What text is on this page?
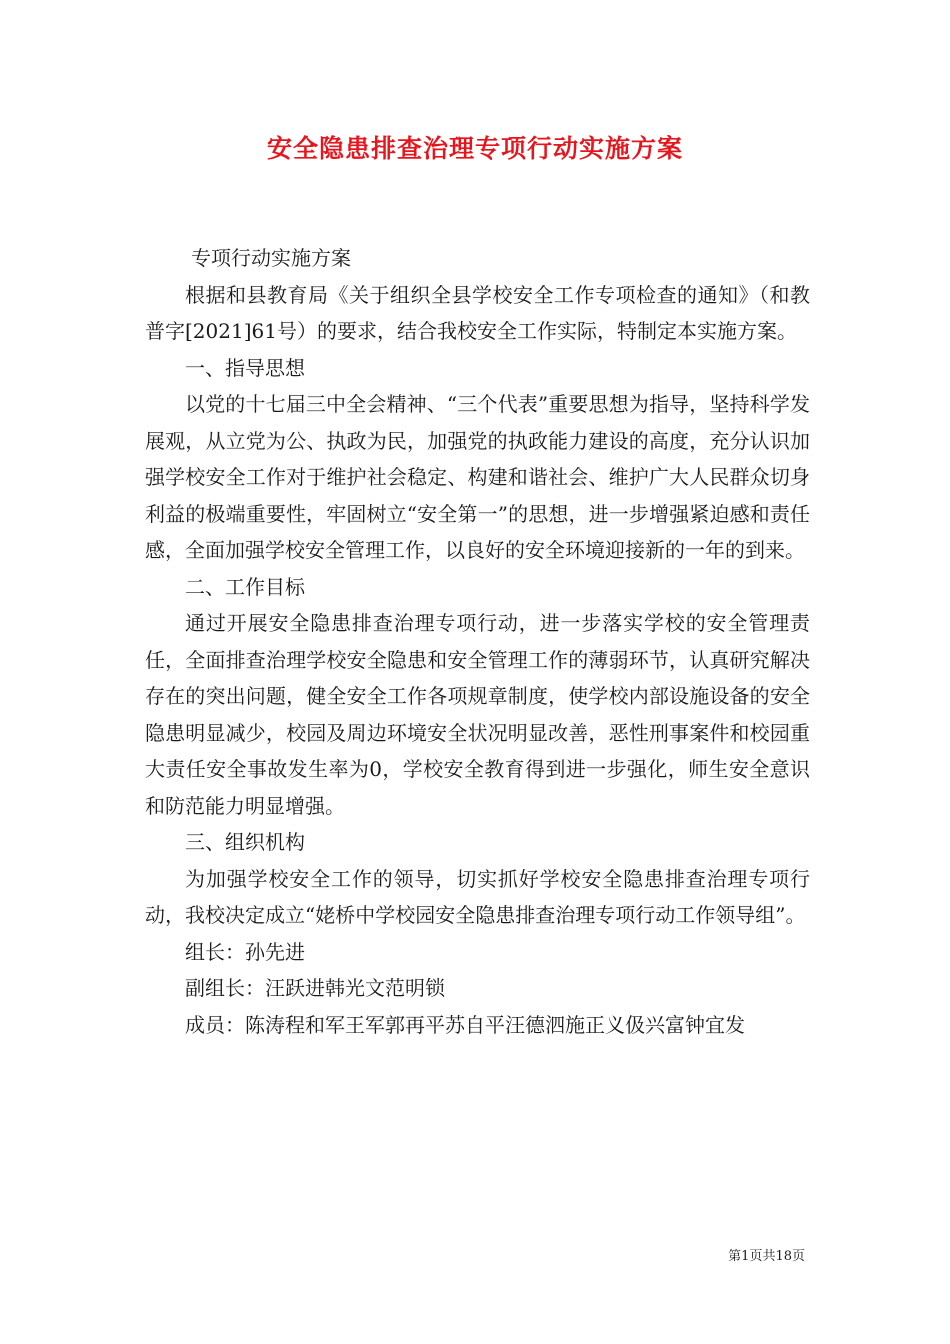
安全隐患排查治理专项行动实施方案

专项行动实施方案

根据和县教育局《关于组织全县学校安全工作专项检查的通知》（和教普字[2021]61号）的要求，结合我校安全工作实际，特制定本实施方案。

一、指导思想

以党的十七届三中全会精神、“三个代表”重要思想为指导，坚持科学发展观，从立党为公、执政为民，加强党的执政能力建设的高度，充分认识加强学校安全工作对于维护社会稳定、构建和谐社会、维护广大人民群众切身利益的极端重要性，牢固树立“安全第一”的思想，进一步增强紧迫感和责任感，全面加强学校安全管理工作，以良好的安全环境迎接新的一年的到来。

二、工作目标

通过开展安全隐患排查治理专项行动，进一步落实学校的安全管理责任，全面排查治理学校安全隐患和安全管理工作的薄弱环节，认真研究解决存在的突出问题，健全安全工作各项规章制度，使学校内部设施设备的安全隐患明显减少，校园及周边环境安全状况明显改善，恶性刑事案件和校园重大责任安全事故发生率为0，学校安全教育得到进一步强化，师生安全意识和防范能力明显增强。

三、组织机构

为加强学校安全工作的领导，切实抓好学校安全隐患排查治理专项行动，我校决定成立“姥桥中学校园安全隐患排查治理专项行动工作领导组”。

组长：孙先进

副组长：汪跃进韩光文范明锁

成员：陈涛程和军王军郭再平苏自平汪德泗施正义伋兴富钟宜发

第1页共18页
